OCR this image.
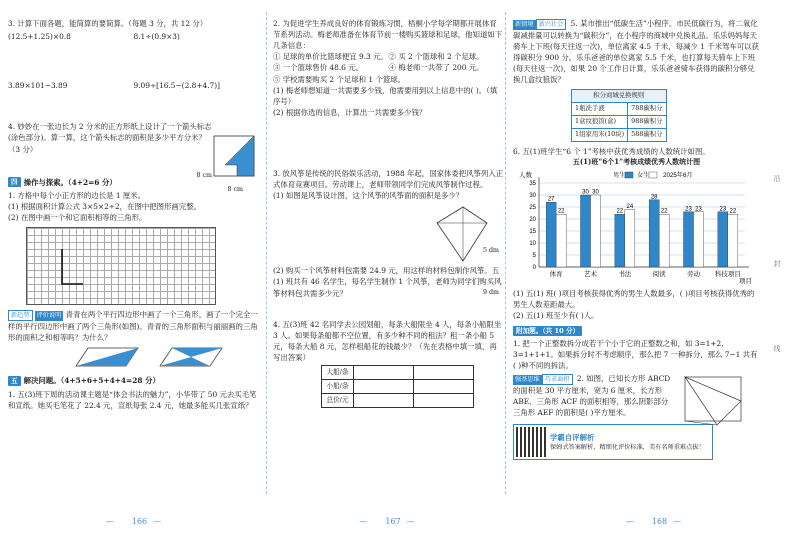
3. 计算下面各题，能简算的要简算。（每题 3 分，共 12 分）
(12.5+1.25)×0.8	8.1÷(0.9×3)
3.89×101−3.89	9.09÷[16.5−(2.8+4.7)]
4. 妙妙在一张边长为 2 分米的正方形纸上设计了一个箭头标志(涂色部分)。算一算，这个箭头标志的面积是多少平方分米？（3 分）
8 cm
8 cm
四 操作与探索。（4+2=6 分）
1. 方格中每个小正方形的边长是 1 厘米。
(1) 根据面积计算公式 3×5×2÷2，在图中把图形画完整。
(2) 在图中画一个和它面积相等的三角形。
新趋势 评价说明 青青在两个平行四边形中画了一个三角形，画了一个完全一样的平行四边形中画了两个三角形(如图)。青青的三角形面积与丽丽画的三角形的面积之和相等吗？为什么？
五 解决问题。（4+5+6+5+4+4=28 分）
1. 五(3)班下周的活动课主题是“体会书法的魅力”，小华带了 50 元去买毛笔和宣纸。她买毛笔花了 22.4 元，宣纸每张 2.4 元，她最多能买几张宣纸？
— 166 —
2. 为促进学生养成良好的体育锻炼习惯，梧桐小学每学期都开展体育节系列活动。梅老师准备在体育节前一楼购买篮球和足球，他知道如下几条信息：
① 足球的单价比篮球便宜 9.3 元。 ② 买 2 个篮球和 2 个足球。
③ 一个篮球售价 48.6 元。	④ 梅老师一共带了 200 元。
⑤ 学校需要购买 2 个足球和 1 个篮球。
(1) 梅老师想知道一共需要多少钱，他需要用到以上信息中的( )。（填序号）
(2) 根据你选的信息，计算出一共需要多少钱？
3. 放风筝是传统的民俗娱乐活动，1988 年起，国家体委把风筝列入正式体育竞赛项目。劳动课上，老师带领同学们完成风筝制作过程。
(1) 如图是风筝设计图，这个风筝的风筝面的面积是多少？
5 dm
9 dm
(2) 购买一个风筝材料包需要 24.9 元，用这样的材料包制作风筝。五(1) 班共有 46 名学生，每名学生制作 1 个风筝，老师为同学们购买风筝材料包共需多少元？
4. 五(3)班 42 名同学去公园划船，每条大船限坐 4 人，每条小船限坐 3 人。如果每条船都不空位置，有多少种不同的租法？租一条小船 5 元，每条大船 8 元，怎样租船花的钱最少？（先在表格中填一填，再写出答案）
大船/条		
小船/条		
总价/元		
— 167 —
新情境 新兴社会 5. 某市推出“低碳生活”小程序。市民低碳行为，将二氧化碳减排量可以转换为“碳积分”，在小程序的商城中兑换礼品。乐乐妈妈每天骑车上下班(每天往返一次)，单位离家 4.5 千米，每减少 1 千米驾车可以获得碳积分 900 分。乐乐爸爸的单位离家 5.5 千米，也打算每天骑车上下班(每天往返一次)，如果 20 个工作日计算，乐乐爸爸骑车获得的碳积分够兑换几盒纹狼饭？
积分商城兑换规则	
1瓶洗手液	788碳积分
1盒纹狼饭(盒)	988碳积分
1组家用米(10块)	588碳积分
6. 五(1)班学生“6 个 1”考核中获优秀成绩的人数统计如图。
五(1)班“6个1”考核成绩优秀人数统计图
0
5
10
15
20
25
30
35
人数
项目
男生 女生 2025年6月
27
22
体育
30 30
艺术
22
24
书法
28
22
阅读
23 23
劳动
23 22
科技项目
(1) 五(1) 班( )项目考核获得优秀的男生人数最多，( )项目考核获得优秀的男生人数差距最大。
(2) 五(1) 班至少有( )人。
附加题。（共 10 分）
1. 把一个正整数拆分成若干个小于它的正整数之和，如 3=1+2, 3=1+1+1。如果拆分时不考虑顺序，那么把 7 一种拆分，那么 7−1 共有( )种不同的拆法。
强基思维 巧求面积 2. 如图，已知长方形 ABCD 的面积是 30 平方厘米，宽为 6 厘米，长方形 ABE、三角形 ACF 的面积相等，那么阴影部分三角形 AEF 的面积是( )平方厘米。
学霸自评解析
保姆式答案解析，精细化评价标准，美有名师重难点拔！
沿
封
线
— 168 —
